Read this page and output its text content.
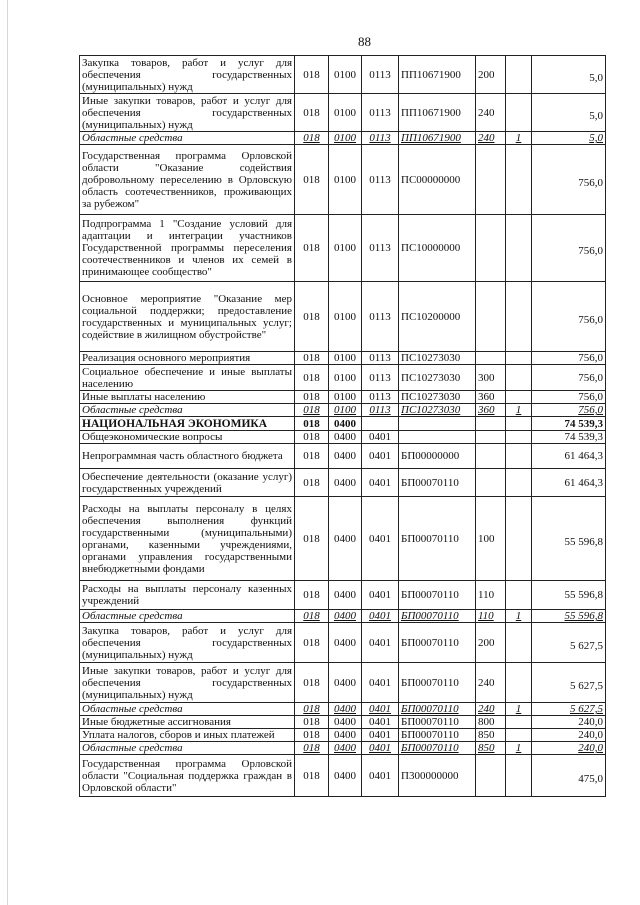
88
Закупка товаров, работ и услуг для обеспечения государственных (муниципальных) нужд	018	0100	0113	ПП10671900	200		5,0
Иные закупки товаров, работ и услуг для обеспечения государственных (муниципальных) нужд	018	0100	0113	ПП10671900	240		5,0
Областные средства	018	0100	0113	ПП10671900	240	1	5,0
Государственная программа Орловской области "Оказание содействия добровольному переселению в Орловскую область соотечественников, проживающих за рубежом"	018	0100	0113	ПС00000000			756,0
Подпрограмма 1 "Создание условий для адаптации и интеграции участников Государственной программы переселения соотечественников и членов их семей в принимающее сообщество"	018	0100	0113	ПС10000000			756,0
Основное мероприятие "Оказание мер социальной поддержки; предоставление государственных и муниципальных услуг; содействие в жилищном обустройстве"	018	0100	0113	ПС10200000			756,0
Реализация основного мероприятия	018	0100	0113	ПС10273030			756,0
Социальное обеспечение и иные выплаты населению	018	0100	0113	ПС10273030	300		756,0
Иные выплаты населению	018	0100	0113	ПС10273030	360		756,0
Областные средства	018	0100	0113	ПС10273030	360	1	756,0
НАЦИОНАЛЬНАЯ ЭКОНОМИКА	018	0400					74 539,3
Общеэкономические вопросы	018	0400	0401				74 539,3
Непрограммная часть областного бюджета	018	0400	0401	БП00000000			61 464,3
Обеспечение деятельности (оказание услуг) государственных учреждений	018	0400	0401	БП00070110			61 464,3
Расходы на выплаты персоналу в целях обеспечения выполнения функций государственными (муниципальными) органами, казенными учреждениями, органами управления государственными внебюджетными фондами	018	0400	0401	БП00070110	100		55 596,8
Расходы на выплаты персоналу казенных учреждений	018	0400	0401	БП00070110	110		55 596,8
Областные средства	018	0400	0401	БП00070110	110	1	55 596,8
Закупка товаров, работ и услуг для обеспечения государственных (муниципальных) нужд	018	0400	0401	БП00070110	200		5 627,5
Иные закупки товаров, работ и услуг для обеспечения государственных (муниципальных) нужд	018	0400	0401	БП00070110	240		5 627,5
Областные средства	018	0400	0401	БП00070110	240	1	5 627,5
Иные бюджетные ассигнования	018	0400	0401	БП00070110	800		240,0
Уплата налогов, сборов и иных платежей	018	0400	0401	БП00070110	850		240,0
Областные средства	018	0400	0401	БП00070110	850	1	240,0
Государственная программа Орловской области "Социальная поддержка граждан в Орловской области"	018	0400	0401	П300000000			475,0
